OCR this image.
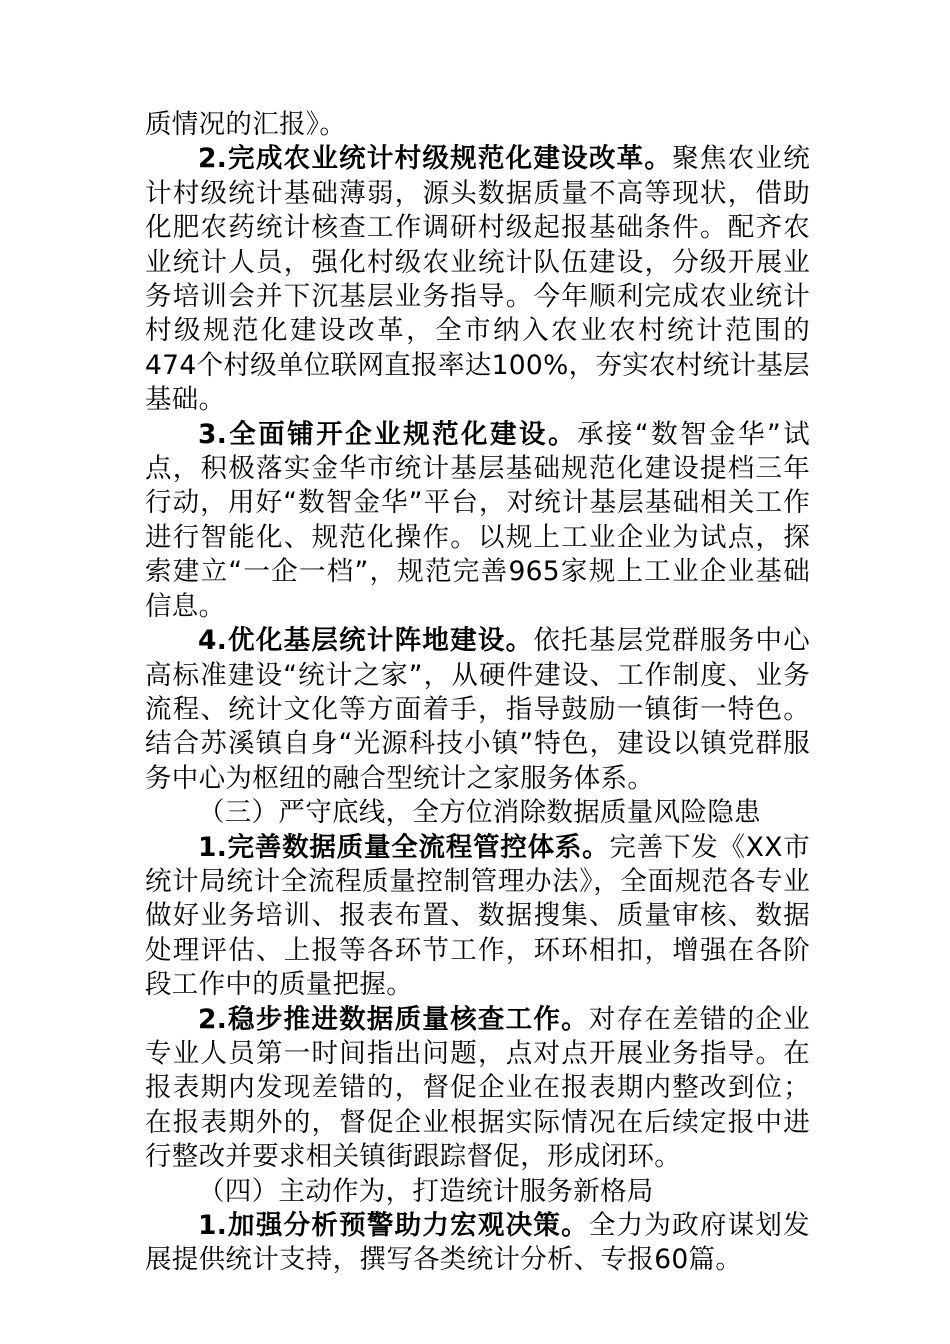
质情况的汇报》。

2.完成农业统计村级规范化建设改革。聚焦农业统计村级统计基础薄弱，源头数据质量不高等现状，借助化肥农药统计核查工作调研村级起报基础条件。配齐农业统计人员，强化村级农业统计队伍建设，分级开展业务培训会并下沉基层业务指导。今年顺利完成农业统计村级规范化建设改革，全市纳入农业农村统计范围的474个村级单位联网直报率达100%，夯实农村统计基层基础。

3.全面铺开企业规范化建设。承接“数智金华”试点，积极落实金华市统计基层基础规范化建设提档三年行动，用好“数智金华”平台，对统计基层基础相关工作进行智能化、规范化操作。以规上工业企业为试点，探索建立“一企一档”，规范完善965家规上工业企业基础信息。

4.优化基层统计阵地建设。依托基层党群服务中心高标准建设“统计之家”，从硬件建设、工作制度、业务流程、统计文化等方面着手，指导鼓励一镇街一特色。结合苏溪镇自身“光源科技小镇”特色，建设以镇党群服务中心为枢纽的融合型统计之家服务体系。

（三）严守底线，全方位消除数据质量风险隐患

1.完善数据质量全流程管控体系。完善下发《XX市统计局统计全流程质量控制管理办法》，全面规范各专业做好业务培训、报表布置、数据搜集、质量审核、数据处理评估、上报等各环节工作，环环相扣，增强在各阶段工作中的质量把握。

2.稳步推进数据质量核查工作。对存在差错的企业专业人员第一时间指出问题，点对点开展业务指导。在报表期内发现差错的，督促企业在报表期内整改到位；在报表期外的，督促企业根据实际情况在后续定报中进行整改并要求相关镇街跟踪督促，形成闭环。

（四）主动作为，打造统计服务新格局

1.加强分析预警助力宏观决策。全力为政府谋划发展提供统计支持，撰写各类统计分析、专报60篇。
